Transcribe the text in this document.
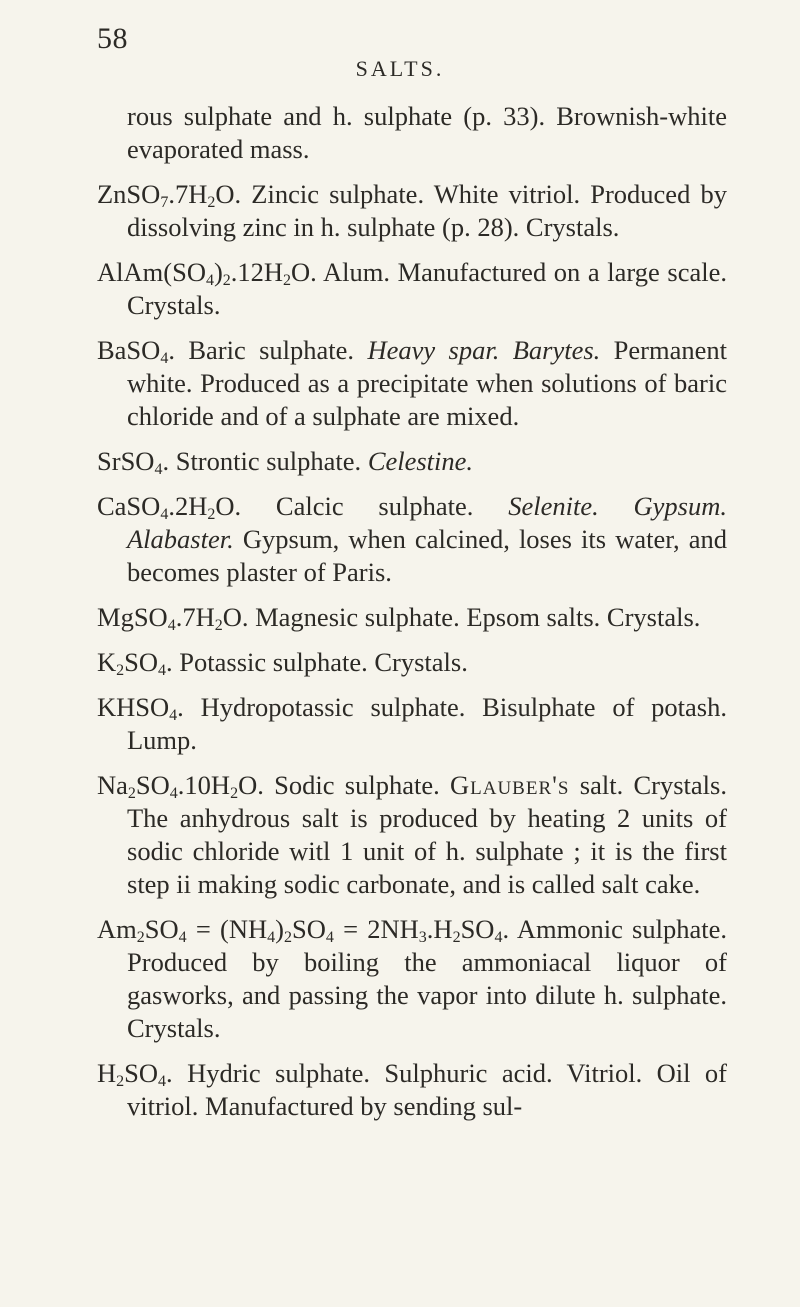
58
SALTS.

rous sulphate and h. sulphate (p. 33). Brownish-white evaporated mass.

$ZnSO_7.7H_2O$. Zincic sulphate. White vitriol. Produced by dissolving zinc in h. sulphate (p. 28). Crystals.

$AlAm(SO_4)_2.12H_2O$. Alum. Manufactured on a large scale. Crystals.

BaSO$_4$. Baric sulphate. Heavy spar. Barytes. Permanent white. Produced as a precipitate when solutions of baric chloride and of a sulphate are mixed.

SrSO$_4$. Strontic sulphate. Celestine.

$CaSO_4.2H_2O$. Calcic sulphate. Selenite. Gypsum. Alabaster. Gypsum, when calcined, loses its water, and becomes plaster of Paris.

$MgSO_4.7H_2O$. Magnesic sulphate. Epsom salts. Crystals.

$K_2SO_4$. Potassic sulphate. Crystals.

$KHSO_4$. Hydropotassic sulphate. Bisulphate of potash. Lump.

$Na_2SO_4.10H_2O$. Sodic sulphate. Glauber's salt. Crystals. The anhydrous salt is produced by heating 2 units of sodic chloride witl 1 unit of h. sulphate ; it is the first step ii making sodic carbonate, and is called salt cake.

$Am_2SO_4 = (NH_4)_2SO_4 = 2NH_3.H_2SO_4$. Ammonic sulphate. Produced by boiling the ammoniacal liquor of gasworks, and passing the vapor into dilute h. sulphate. Crystals.

$H_2SO_4$. Hydric sulphate. Sulphuric acid. Vitriol. Oil of vitriol. Manufactured by sending sul-
